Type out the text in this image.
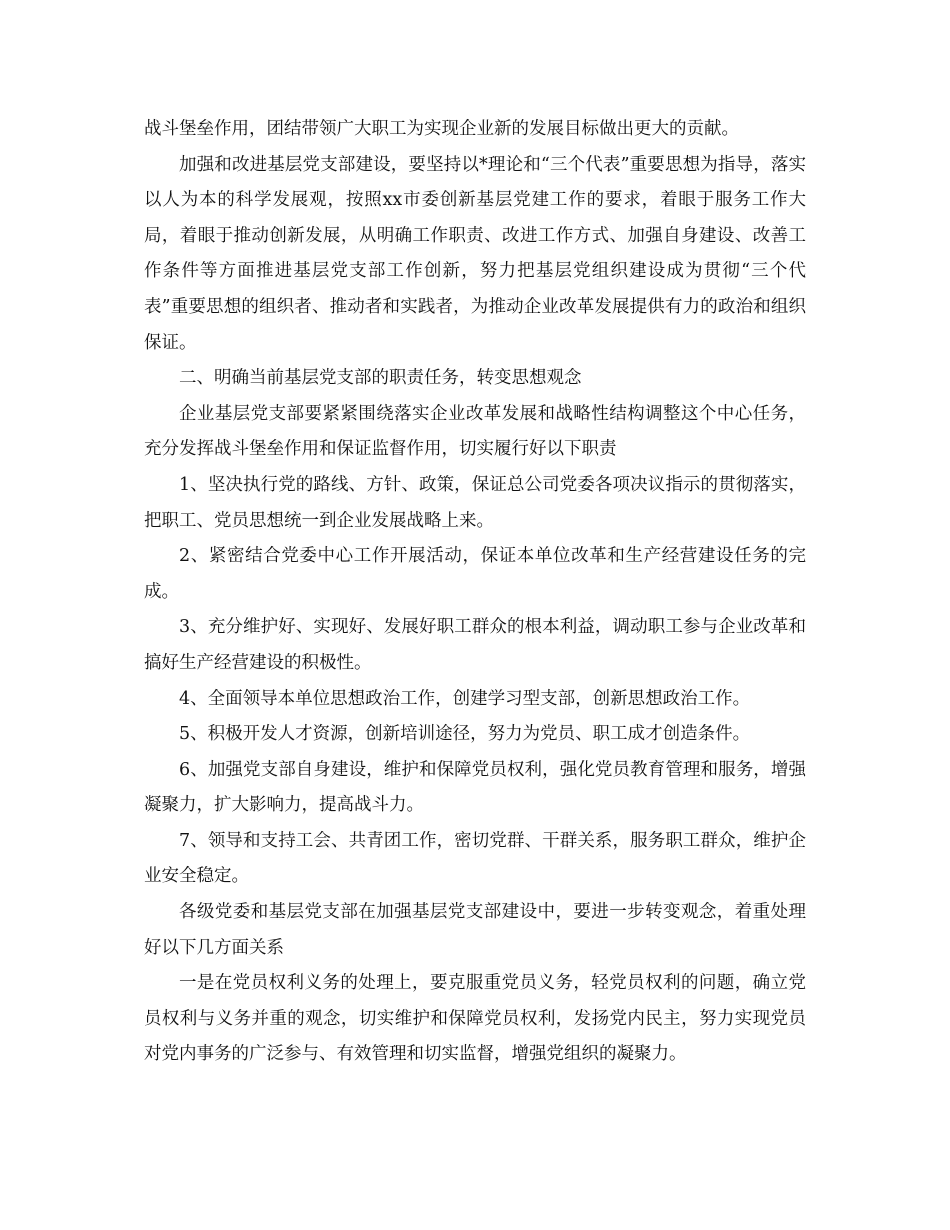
战斗堡垒作用，团结带领广大职工为实现企业新的发展目标做出更大的贡献。

加强和改进基层党支部建设，要坚持以*理论和“三个代表”重要思想为指导，落实以人为本的科学发展观，按照xx市委创新基层党建工作的要求，着眼于服务工作大局，着眼于推动创新发展，从明确工作职责、改进工作方式、加强自身建设、改善工作条件等方面推进基层党支部工作创新，努力把基层党组织建设成为贯彻“三个代表”重要思想的组织者、推动者和实践者，为推动企业改革发展提供有力的政治和组织保证。

二、明确当前基层党支部的职责任务，转变思想观念

企业基层党支部要紧紧围绕落实企业改革发展和战略性结构调整这个中心任务，充分发挥战斗堡垒作用和保证监督作用，切实履行好以下职责

1、坚决执行党的路线、方针、政策，保证总公司党委各项决议指示的贯彻落实，把职工、党员思想统一到企业发展战略上来。

2、紧密结合党委中心工作开展活动，保证本单位改革和生产经营建设任务的完成。

3、充分维护好、实现好、发展好职工群众的根本利益，调动职工参与企业改革和搞好生产经营建设的积极性。

4、全面领导本单位思想政治工作，创建学习型支部，创新思想政治工作。

5、积极开发人才资源，创新培训途径，努力为党员、职工成才创造条件。

6、加强党支部自身建设，维护和保障党员权利，强化党员教育管理和服务，增强凝聚力，扩大影响力，提高战斗力。

7、领导和支持工会、共青团工作，密切党群、干群关系，服务职工群众，维护企业安全稳定。

各级党委和基层党支部在加强基层党支部建设中，要进一步转变观念，着重处理好以下几方面关系

一是在党员权利义务的处理上，要克服重党员义务，轻党员权利的问题，确立党员权利与义务并重的观念，切实维护和保障党员权利，发扬党内民主，努力实现党员对党内事务的广泛参与、有效管理和切实监督，增强党组织的凝聚力。
